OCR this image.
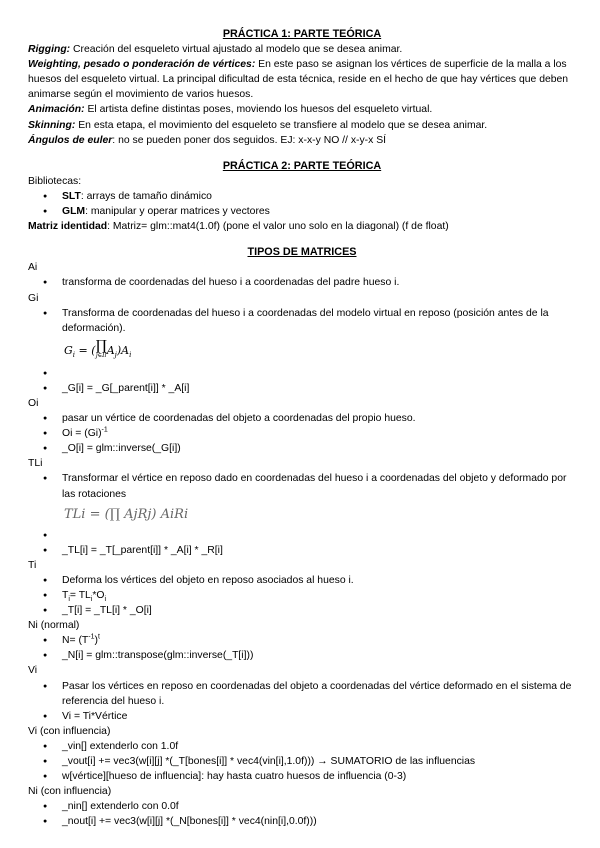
PRÁCTICA 1: PARTE TEÓRICA

Rigging: Creación del esqueleto virtual ajustado al modelo que se desea animar.

Weighting, pesado o ponderación de vértices: En este paso se asignan los vértices de superficie de la malla a los huesos del esqueleto virtual. La principal dificultad de esta técnica, reside en el hecho de que hay vértices que deben animarse según el movimiento de varios huesos.

Animación: El artista define distintas poses, moviendo los huesos del esqueleto virtual.

Skinning: En esta etapa, el movimiento del esqueleto se transfiere al modelo que se desea animar.

Ángulos de euler: no se pueden poner dos seguidos. EJ: x-x-y NO // x-y-x SÍ

PRÁCTICA 2: PARTE TEÓRICA

Bibliotecas:

● SLT: arrays de tamaño dinámico
● GLM: manipular y operar matrices y vectores

Matriz identidad: Matriz= glm::mat4(1.0f) (pone el valor uno solo en la diagonal) (f de float)

TIPOS DE MATRICES

Ai

● transforma de coordenadas del hueso i a coordenadas del padre hueso i.

Gi

● Transforma de coordenadas del hueso i a coordenadas del modelo virtual en reposo (posición antes de la deformación).
$G_i$ = ( ∏
j∈Il $A_j)A_i$
●
● _G[i] = _G[_parent[i]] * _A[i]

Oi

● pasar un vértice de coordenadas del objeto a coordenadas del propio hueso.
● $Oi = (Gi)^{-1}$
● _O[i] = glm::inverse(_G[i])

TLi

● Transformar el vértice en reposo dado en coordenadas del hueso i a coordenadas del objeto y deformado por las rotaciones
TLi = (∏ AjRj) AiRi
●
● _TL[i] = _T[_parent[i]] * _A[i] * _R[i]

Ti

● Deforma los vértices del objeto en reposo asociados al hueso i.
● $T_i= TL_i*O_i$
● _T[i] = _TL[i] * _O[i]

Ni (normal)

● $N= (T^{-1})^t$
● _N[i] = glm::transpose(glm::inverse(_T[i]))

Vi

● Pasar los vértices en reposo en coordenadas del objeto a coordenadas del vértice deformado en el sistema de referencia del hueso i.
● Vi = Ti*Vértice

Vi (con influencia)

● _vin[] extenderlo con 1.0f
● _vout[i] += vec3(w[i][j] *(_T[bones[i]] * vec4(vin[i],1.0f))) → SUMATORIO de las influencias
● w[vértice][hueso de influencia]: hay hasta cuatro huesos de influencia (0-3)

Ni (con influencia)

● _nin[] extenderlo con 0.0f
● _nout[i] += vec3(w[i][j] *(_N[bones[i]] * vec4(nin[i],0.0f)))
